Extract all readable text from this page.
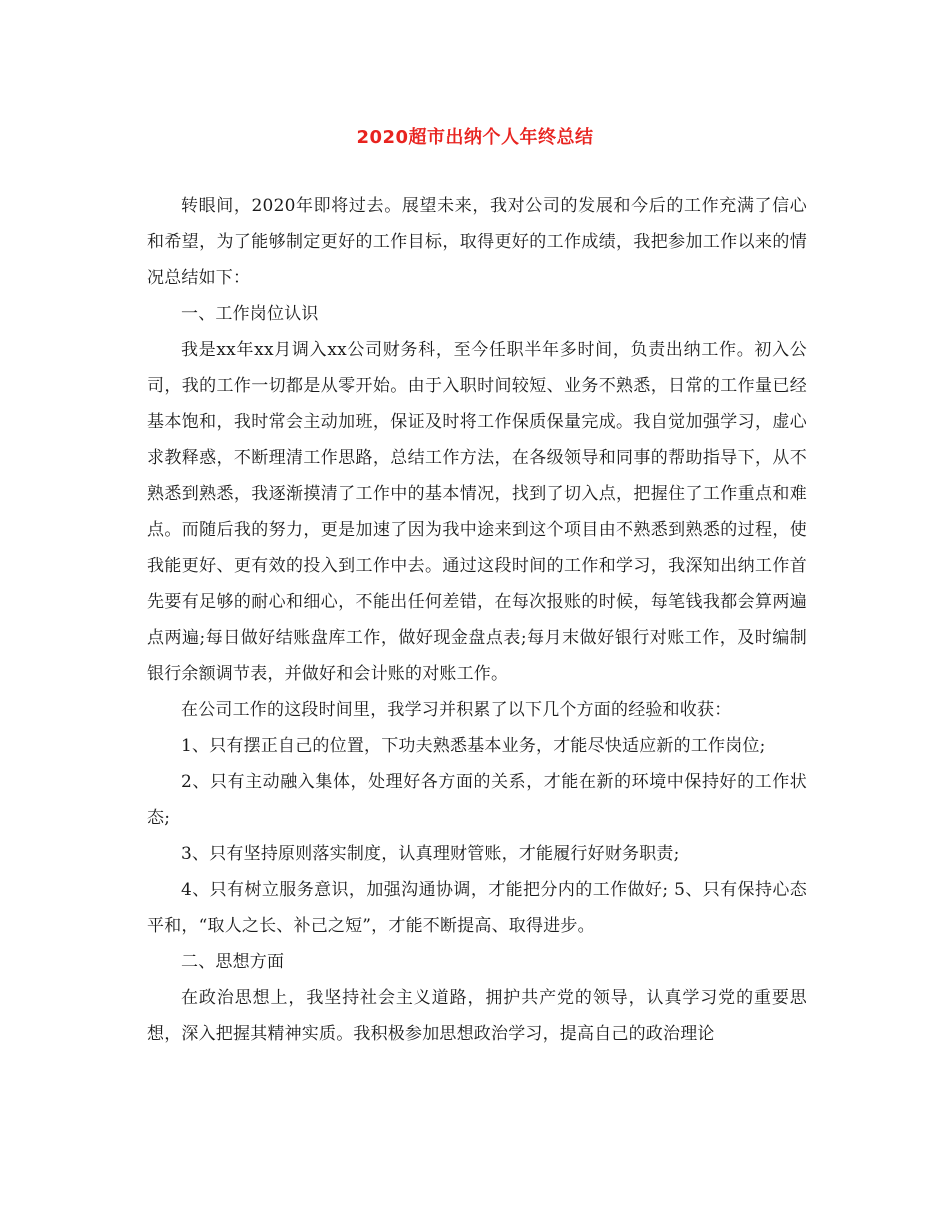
2020超市出纳个人年终总结

转眼间，2020年即将过去。展望未来，我对公司的发展和今后的工作充满了信心和希望，为了能够制定更好的工作目标，取得更好的工作成绩，我把参加工作以来的情况总结如下：

一、工作岗位认识

我是xx年xx月调入xx公司财务科，至今任职半年多时间，负责出纳工作。初入公司，我的工作一切都是从零开始。由于入职时间较短、业务不熟悉，日常的工作量已经基本饱和，我时常会主动加班，保证及时将工作保质保量完成。我自觉加强学习，虚心求教释惑，不断理清工作思路，总结工作方法，在各级领导和同事的帮助指导下，从不熟悉到熟悉，我逐渐摸清了工作中的基本情况，找到了切入点，把握住了工作重点和难点。而随后我的努力，更是加速了因为我中途来到这个项目由不熟悉到熟悉的过程，使我能更好、更有效的投入到工作中去。通过这段时间的工作和学习，我深知出纳工作首先要有足够的耐心和细心，不能出任何差错，在每次报账的时候，每笔钱我都会算两遍点两遍;每日做好结账盘库工作，做好现金盘点表;每月末做好银行对账工作，及时编制银行余额调节表，并做好和会计账的对账工作。

在公司工作的这段时间里，我学习并积累了以下几个方面的经验和收获：

1、只有摆正自己的位置，下功夫熟悉基本业务，才能尽快适应新的工作岗位;

2、只有主动融入集体，处理好各方面的关系，才能在新的环境中保持好的工作状态;

3、只有坚持原则落实制度，认真理财管账，才能履行好财务职责;

4、只有树立服务意识，加强沟通协调，才能把分内的工作做好; 5、只有保持心态平和，“取人之长、补己之短”，才能不断提高、取得进步。

二、思想方面

在政治思想上，我坚持社会主义道路，拥护共产党的领导，认真学习党的重要思想，深入把握其精神实质。我积极参加思想政治学习，提高自己的政治理论
